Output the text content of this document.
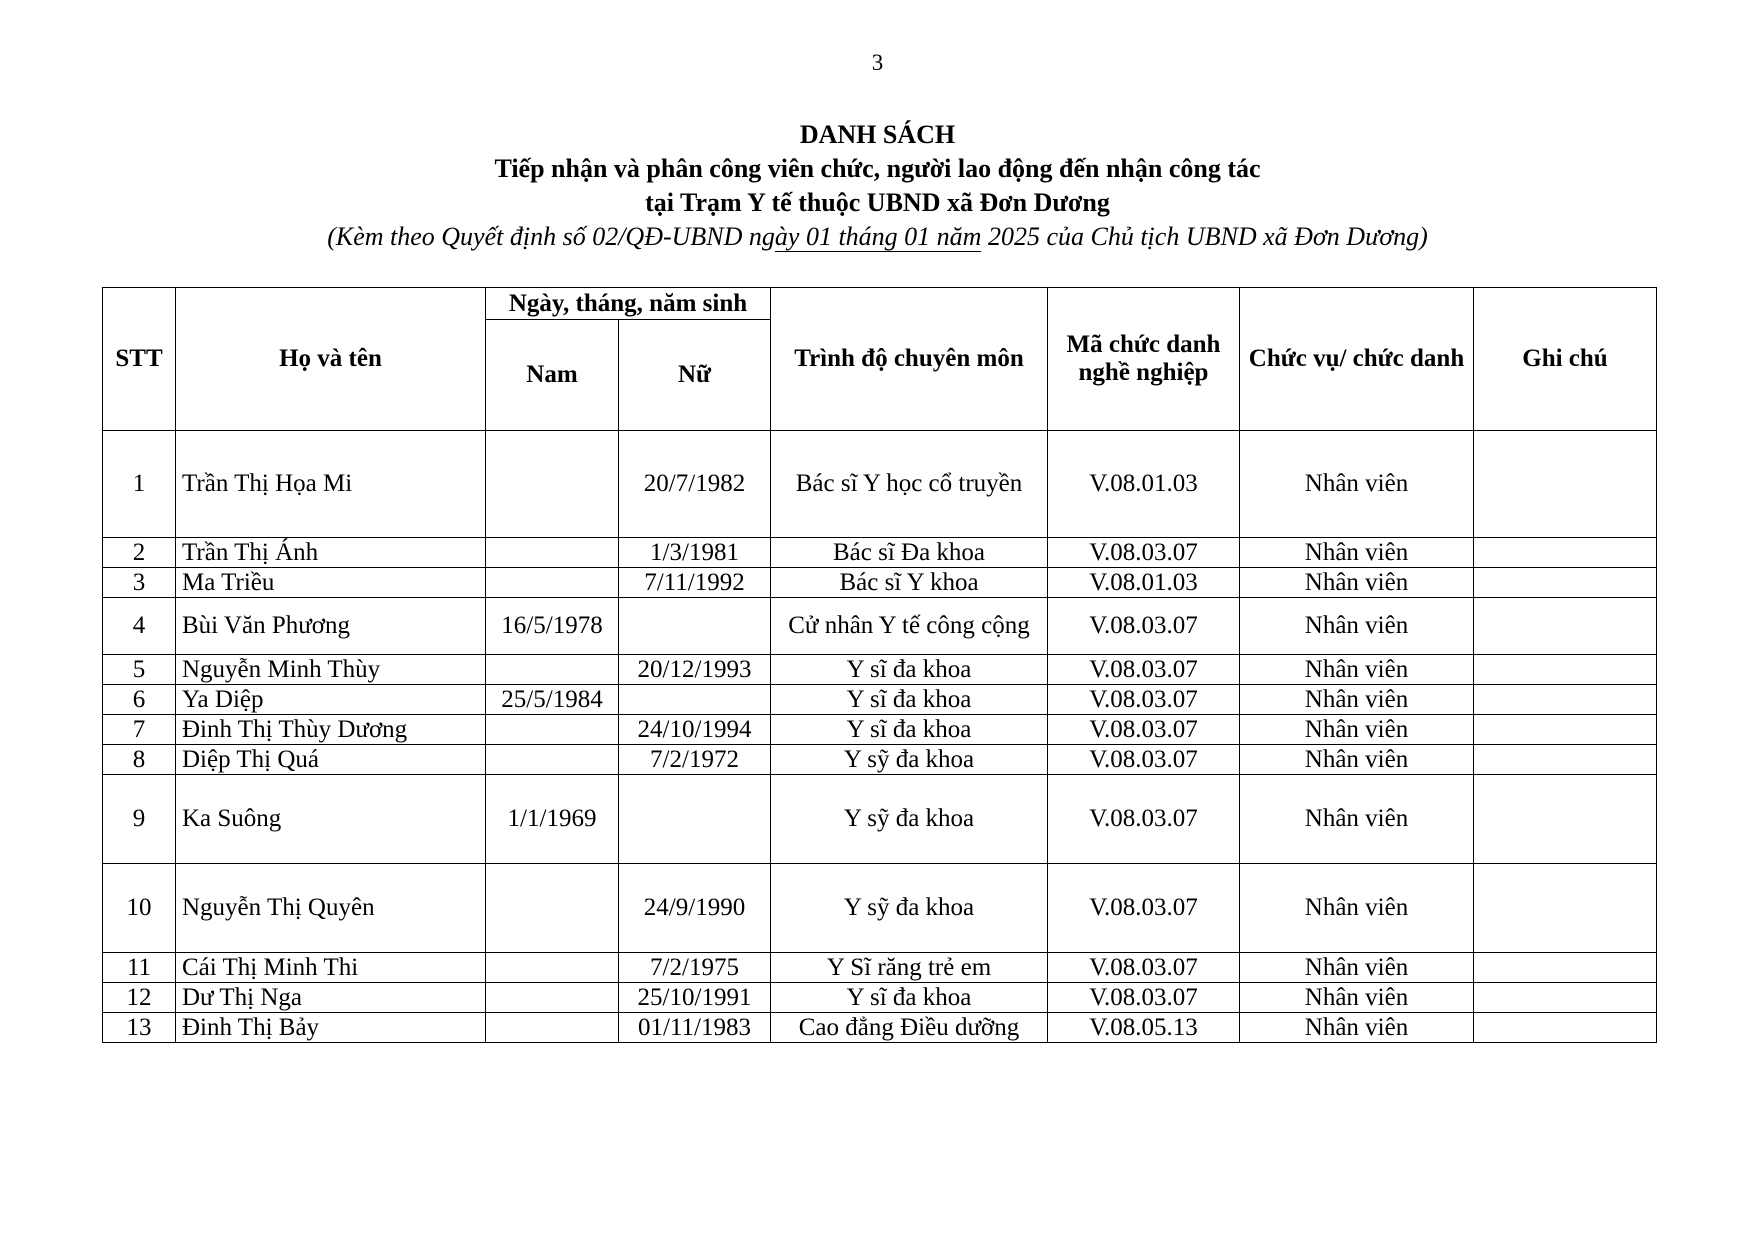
3
DANH SÁCH
Tiếp nhận và phân công viên chức, người lao động đến nhận công tác
tại Trạm Y tế thuộc UBND xã Đơn Dương
(Kèm theo Quyết định số 02/QĐ-UBND ngày 01 tháng 01 năm 2025 của Chủ tịch UBND xã Đơn Dương)
STT	Họ và tên	Ngày, tháng, năm sinh		Trình độ chuyên môn	Mã chức danh nghề nghiệp	Chức vụ/ chức danh	Ghi chú
		Nam	Nữ				
1	Trần Thị Họa Mi		20/7/1982	Bác sĩ Y học cổ truyền	V.08.01.03	Nhân viên	
2	Trần Thị Ánh		1/3/1981	Bác sĩ Đa khoa	V.08.03.07	Nhân viên	
3	Ma Triều		7/11/1992	Bác sĩ Y khoa	V.08.01.03	Nhân viên	
4	Bùi Văn Phương	16/5/1978		Cử nhân Y tế công cộng	V.08.03.07	Nhân viên	
5	Nguyễn Minh Thùy		20/12/1993	Y sĩ đa khoa	V.08.03.07	Nhân viên	
6	Ya Diệp	25/5/1984		Y sĩ đa khoa	V.08.03.07	Nhân viên	
7	Đinh Thị Thùy Dương		24/10/1994	Y sĩ đa khoa	V.08.03.07	Nhân viên	
8	Diệp Thị Quá		7/2/1972	Y sỹ đa khoa	V.08.03.07	Nhân viên	
9	Ka Suông	1/1/1969		Y sỹ đa khoa	V.08.03.07	Nhân viên	
10	Nguyễn Thị Quyên		24/9/1990	Y sỹ đa khoa	V.08.03.07	Nhân viên	
11	Cái Thị Minh Thi		7/2/1975	Y Sĩ răng trẻ em	V.08.03.07	Nhân viên	
12	Dư Thị Nga		25/10/1991	Y sĩ đa khoa	V.08.03.07	Nhân viên	
13	Đinh Thị Bảy		01/11/1983	Cao đẳng Điều dưỡng	V.08.05.13	Nhân viên	
